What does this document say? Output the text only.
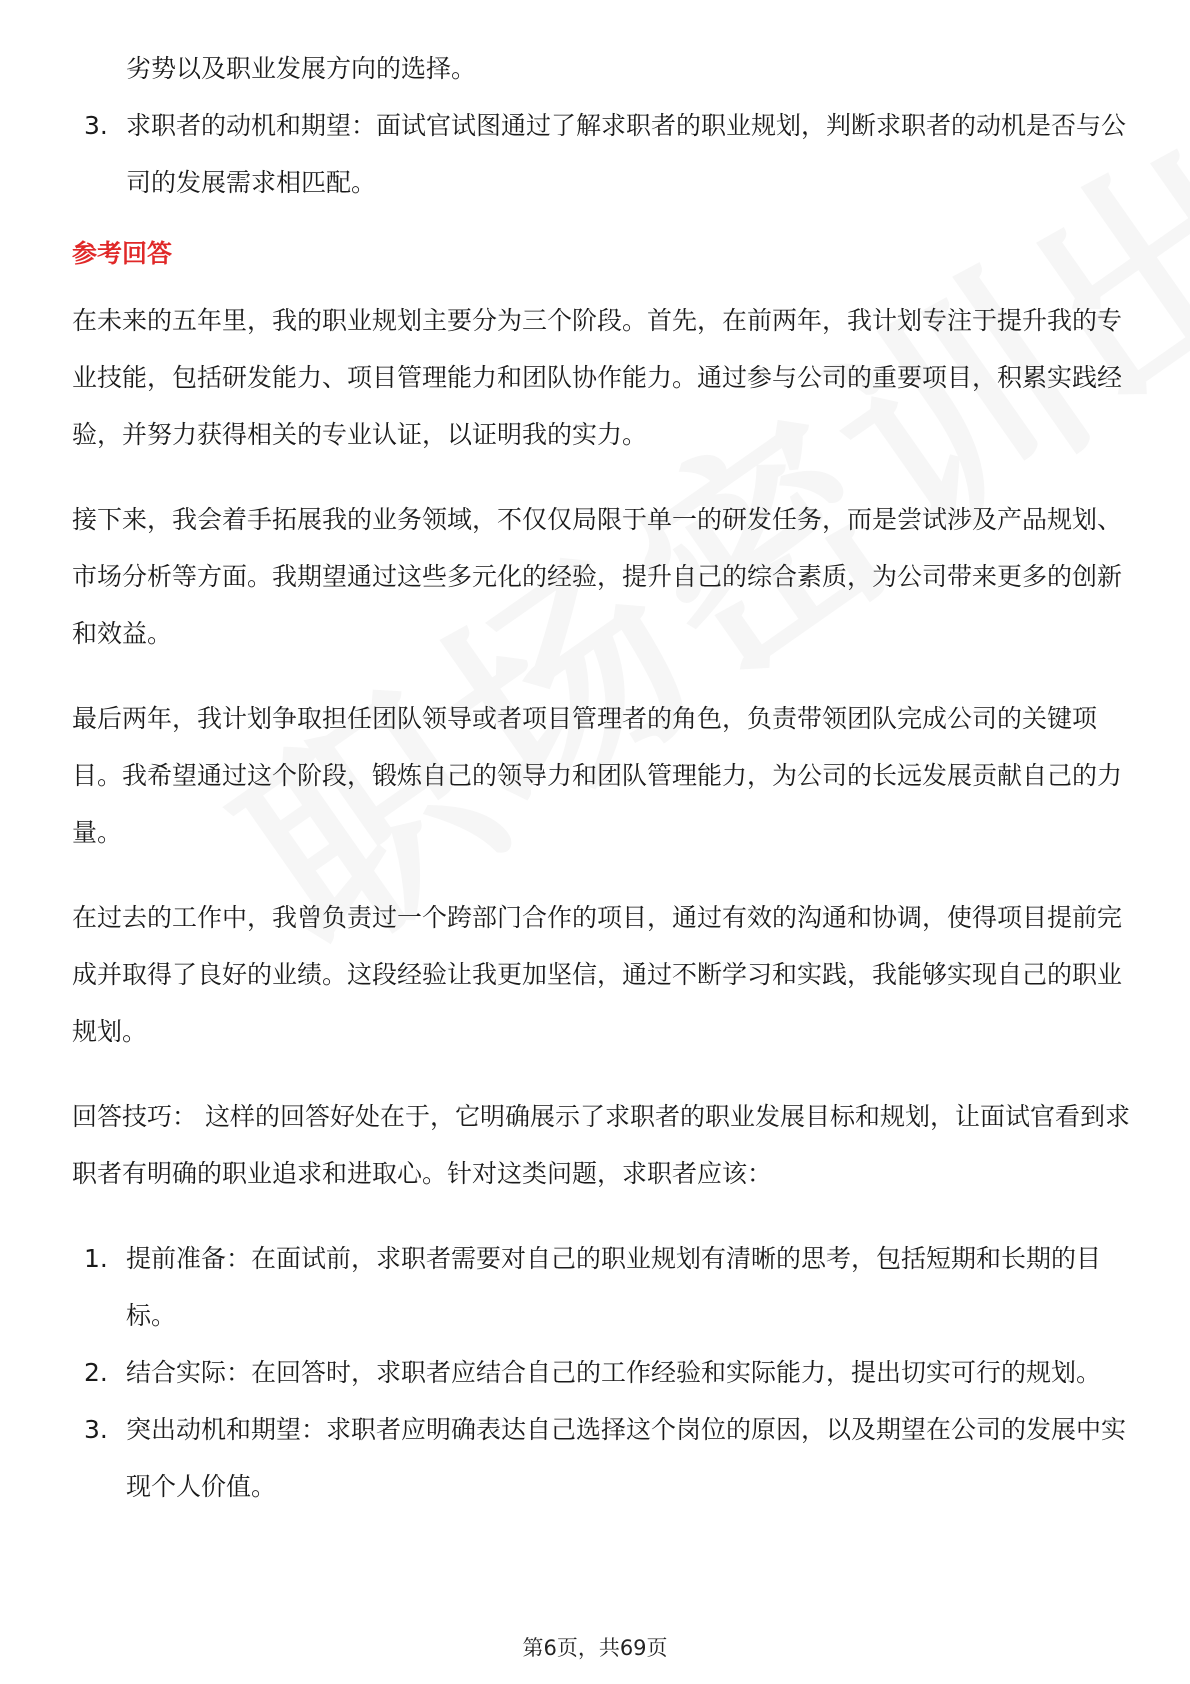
劣势以及职业发展方向的选择。
3. 求职者的动机和期望：面试官试图通过了解求职者的职业规划，判断求职者的动机是否与公司的发展需求相匹配。
参考回答

在未来的五年里，我的职业规划主要分为三个阶段。首先，在前两年，我计划专注于提升我的专业技能，包括研发能力、项目管理能力和团队协作能力。通过参与公司的重要项目，积累实践经验，并努力获得相关的专业认证，以证明我的实力。

接下来，我会着手拓展我的业务领域，不仅仅局限于单一的研发任务，而是尝试涉及产品规划、市场分析等方面。我期望通过这些多元化的经验，提升自己的综合素质，为公司带来更多的创新和效益。

最后两年，我计划争取担任团队领导或者项目管理者的角色，负责带领团队完成公司的关键项目。我希望通过这个阶段，锻炼自己的领导力和团队管理能力，为公司的长远发展贡献自己的力量。

在过去的工作中，我曾负责过一个跨部门合作的项目，通过有效的沟通和协调，使得项目提前完成并取得了良好的业绩。这段经验让我更加坚信，通过不断学习和实践，我能够实现自己的职业规划。

回答技巧： 这样的回答好处在于，它明确展示了求职者的职业发展目标和规划，让面试官看到求职者有明确的职业追求和进取心。针对这类问题，求职者应该：

1. 提前准备：在面试前，求职者需要对自己的职业规划有清晰的思考，包括短期和长期的目标。
2. 结合实际：在回答时，求职者应结合自己的工作经验和实际能力，提出切实可行的规划。
3. 突出动机和期望：求职者应明确表达自己选择这个岗位的原因，以及期望在公司的发展中实现个人价值。
第6页，共69页
